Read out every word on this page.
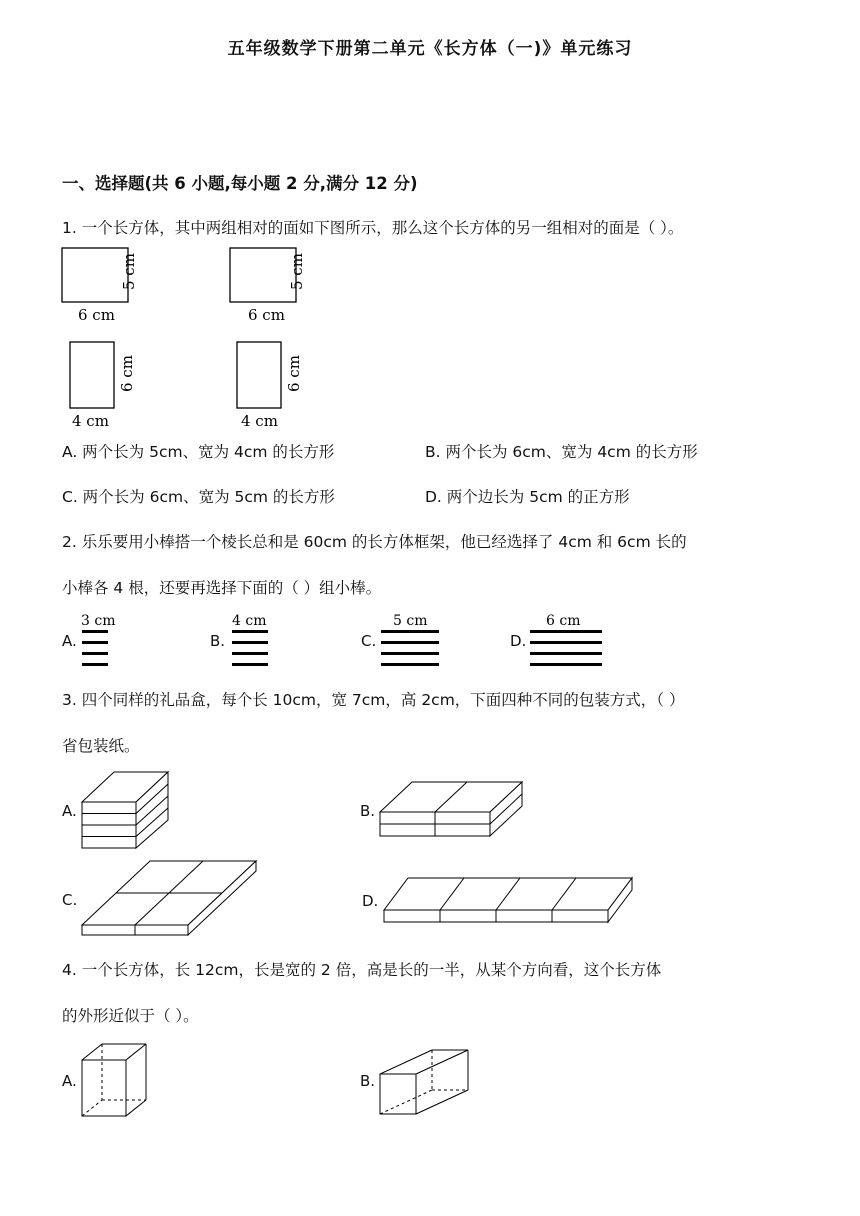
五年级数学下册第二单元《长方体（一)》单元练习
一、选择题(共 6 小题,每小题 2 分,满分 12 分)
1. 一个长方体，其中两组相对的面如下图所示，那么这个长方体的另一组相对的面是（ ）。
6 cm
5 cm
6 cm
5 cm
4 cm
6 cm
4 cm
6 cm
A. 两个长为 5cm、宽为 4cm 的长方形	B. 两个长为 6cm、宽为 4cm 的长方形
C. 两个长为 6cm、宽为 5cm 的长方形	D. 两个边长为 5cm 的正方形
2. 乐乐要用小棒搭一个棱长总和是 60cm 的长方体框架，他已经选择了 4cm 和 6cm 长的
小棒各 4 根，还要再选择下面的（ ）组小棒。
A.
3 cm
B.
4 cm
C.
5 cm
D.
6 cm
3. 四个同样的礼品盒，每个长 10cm，宽 7cm，高 2cm，下面四种不同的包装方式，（ ）
省包装纸。
A.	B.
C.	D.
4. 一个长方体，长 12cm，长是宽的 2 倍，高是长的一半，从某个方向看，这个长方体
的外形近似于（ ）。
A.	B.
